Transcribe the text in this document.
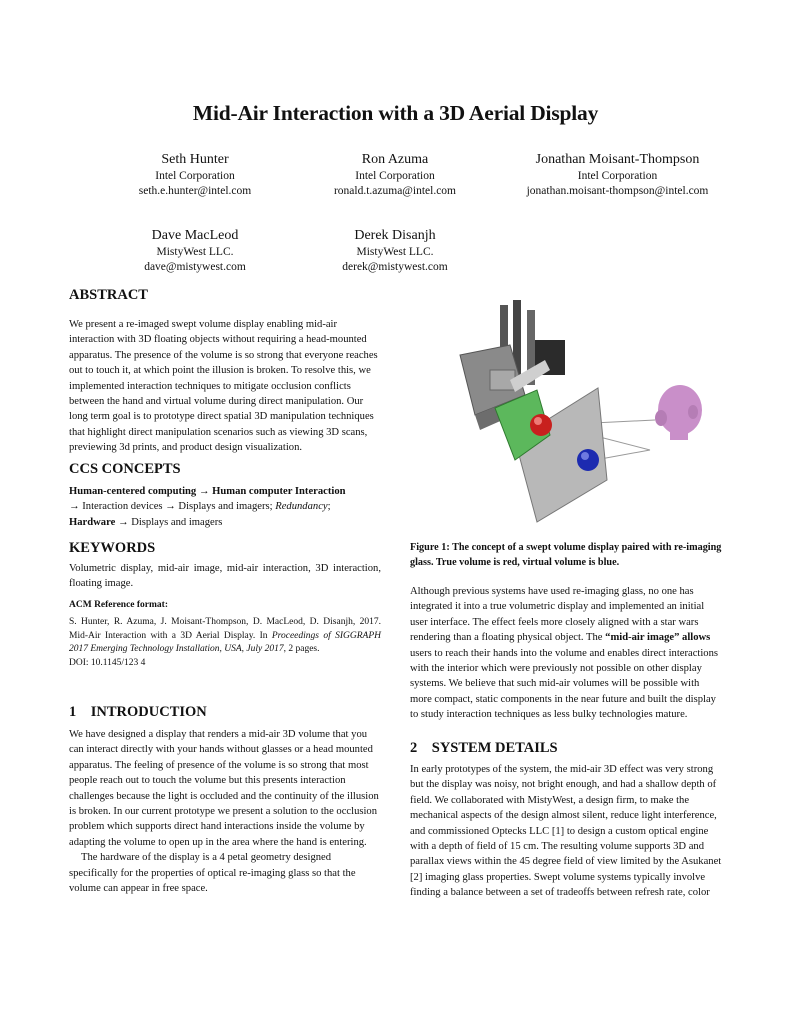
Mid-Air Interaction with a 3D Aerial Display
Seth Hunter
Intel Corporation
seth.e.hunter@intel.com
Ron Azuma
Intel Corporation
ronald.t.azuma@intel.com
Jonathan Moisant-Thompson
Intel Corporation
jonathan.moisant-thompson@intel.com
Dave MacLeod
MistyWest LLC.
dave@mistywest.com
Derek Disanjh
MistyWest LLC.
derek@mistywest.com
ABSTRACT
We present a re-imaged swept volume display enabling mid-air interaction with 3D floating objects without requiring a head-mounted apparatus. The presence of the volume is so strong that everyone reaches out to touch it, at which point the illusion is broken. To resolve this, we implemented interaction techniques to mitigate occlusion conflicts between the hand and virtual volume during direct manipulation. Our long term goal is to prototype direct spatial 3D manipulation techniques that highlight direct manipulation scenarios such as viewing 3D scans, previewing 3d prints, and product design visualization.
CCS CONCEPTS
Human-centered computing → Human computer Interaction
→ Interaction devices → Displays and imagers; Redundancy;
Hardware → Displays and imagers
KEYWORDS
Volumetric display, mid-air image, mid-air interaction, 3D interaction, floating image.
ACM Reference format:
S. Hunter, R. Azuma, J. Moisant-Thompson, D. MacLeod, D. Disanjh, 2017. Mid-Air Interaction with a 3D Aerial Display. In Proceedings of SIGGRAPH 2017 Emerging Technology Installation, USA, July 2017, 2 pages.
DOI: 10.1145/123 4
1    INTRODUCTION

We have designed a display that renders a mid-air 3D volume that you can interact directly with your hands without glasses or a head mounted apparatus. The feeling of presence of the volume is so strong that most people reach out to touch the volume but this presents interaction challenges because the light is occluded and the continuity of the illusion is broken. In our current prototype we present a solution to the occlusion problem which supports direct hand interactions inside the volume by adapting the volume to open up in the area where the hand is entering.

The hardware of the display is a 4 petal geometry designed specifically for the properties of optical re-imaging glass so that the volume can appear in free space.

Figure 1: The concept of a swept volume display paired with re-imaging glass. True volume is red, virtual volume is blue.
Although previous systems have used re-imaging glass, no one has integrated it into a true volumetric display and implemented an initial user interface. The effect feels more closely aligned with a star wars rendering than a floating physical object. The “mid-air image” allows users to reach their hands into the volume and enables direct interactions with the interior which were previously not possible on other display systems. We believe that such mid-air volumes will be possible with more compact, static components in the near future and built the display to study interaction techniques as less bulky technologies mature.
2    SYSTEM DETAILS
In early prototypes of the system, the mid-air 3D effect was very strong but the display was noisy, not bright enough, and had a shallow depth of field. We collaborated with MistyWest, a design firm, to make the mechanical aspects of the design almost silent, reduce light interference, and commissioned Optecks LLC [1] to design a custom optical engine with a depth of field of 15 cm. The resulting volume supports 3D and parallax views within the 45 degree field of view limited by the Asukanet [2] imaging glass properties. Swept volume systems typically involve finding a balance between a set of tradeoffs between refresh rate, color
